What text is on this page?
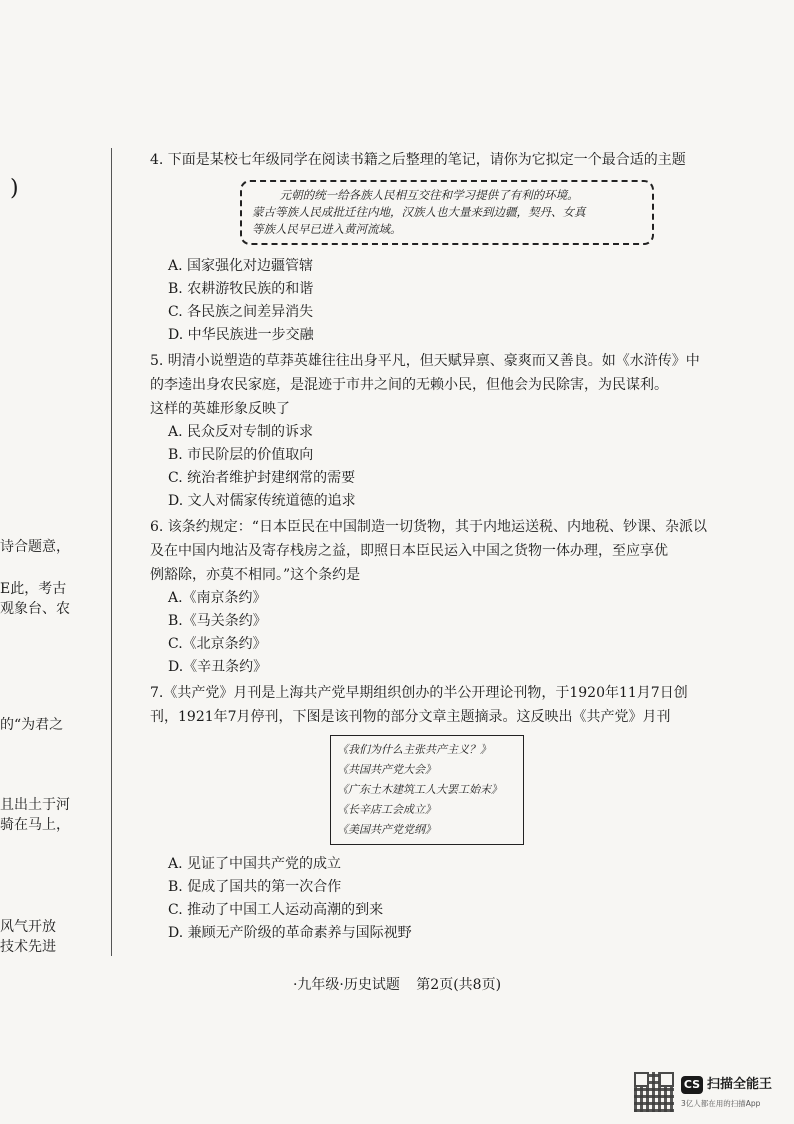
)
诗合题意，
E此，考古
观象台、农
的“为君之
且出土于河
骑在马上，
风气开放
技术先进

4. 下面是某校七年级同学在阅读书籍之后整理的笔记，请你为它拟定一个最合适的主题

元朝的统一给各族人民相互交往和学习提供了有利的环境。

蒙古等族人民成批迁往内地，汉族人也大量来到边疆，契丹、女真

等族人民早已进入黄河流域。

A. 国家强化对边疆管辖

B. 农耕游牧民族的和谐

C. 各民族之间差异消失

D. 中华民族进一步交融

5. 明清小说塑造的草莽英雄往往出身平凡，但天赋异禀、豪爽而又善良。如《水浒传》中

的李逵出身农民家庭，是混迹于市井之间的无赖小民，但他会为民除害，为民谋利。

这样的英雄形象反映了

A. 民众反对专制的诉求

B. 市民阶层的价值取向

C. 统治者维护封建纲常的需要

D. 文人对儒家传统道德的追求

6. 该条约规定：“日本臣民在中国制造一切货物，其于内地运送税、内地税、钞课、杂派以

及在中国内地沾及寄存栈房之益，即照日本臣民运入中国之货物一体办理，至应享优

例豁除，亦莫不相同。”这个条约是

A.《南京条约》

B.《马关条约》

C.《北京条约》

D.《辛丑条约》

7.《共产党》月刊是上海共产党早期组织创办的半公开理论刊物，于1920年11月7日创

刊，1921年7月停刊，下图是该刊物的部分文章主题摘录。这反映出《共产党》月刊

《我们为什么主张共产主义？》
《共国共产党大会》
《广东土木建筑工人大罢工始末》
《长辛店工会成立》
《美国共产党党纲》

A. 见证了中国共产党的成立

B. 促成了国共的第一次合作

C. 推动了中国工人运动高潮的到来

D. 兼顾无产阶级的革命素养与国际视野

·九年级·历史试题 第2页(共8页)
CS 扫描全能王
3亿人都在用的扫描App
